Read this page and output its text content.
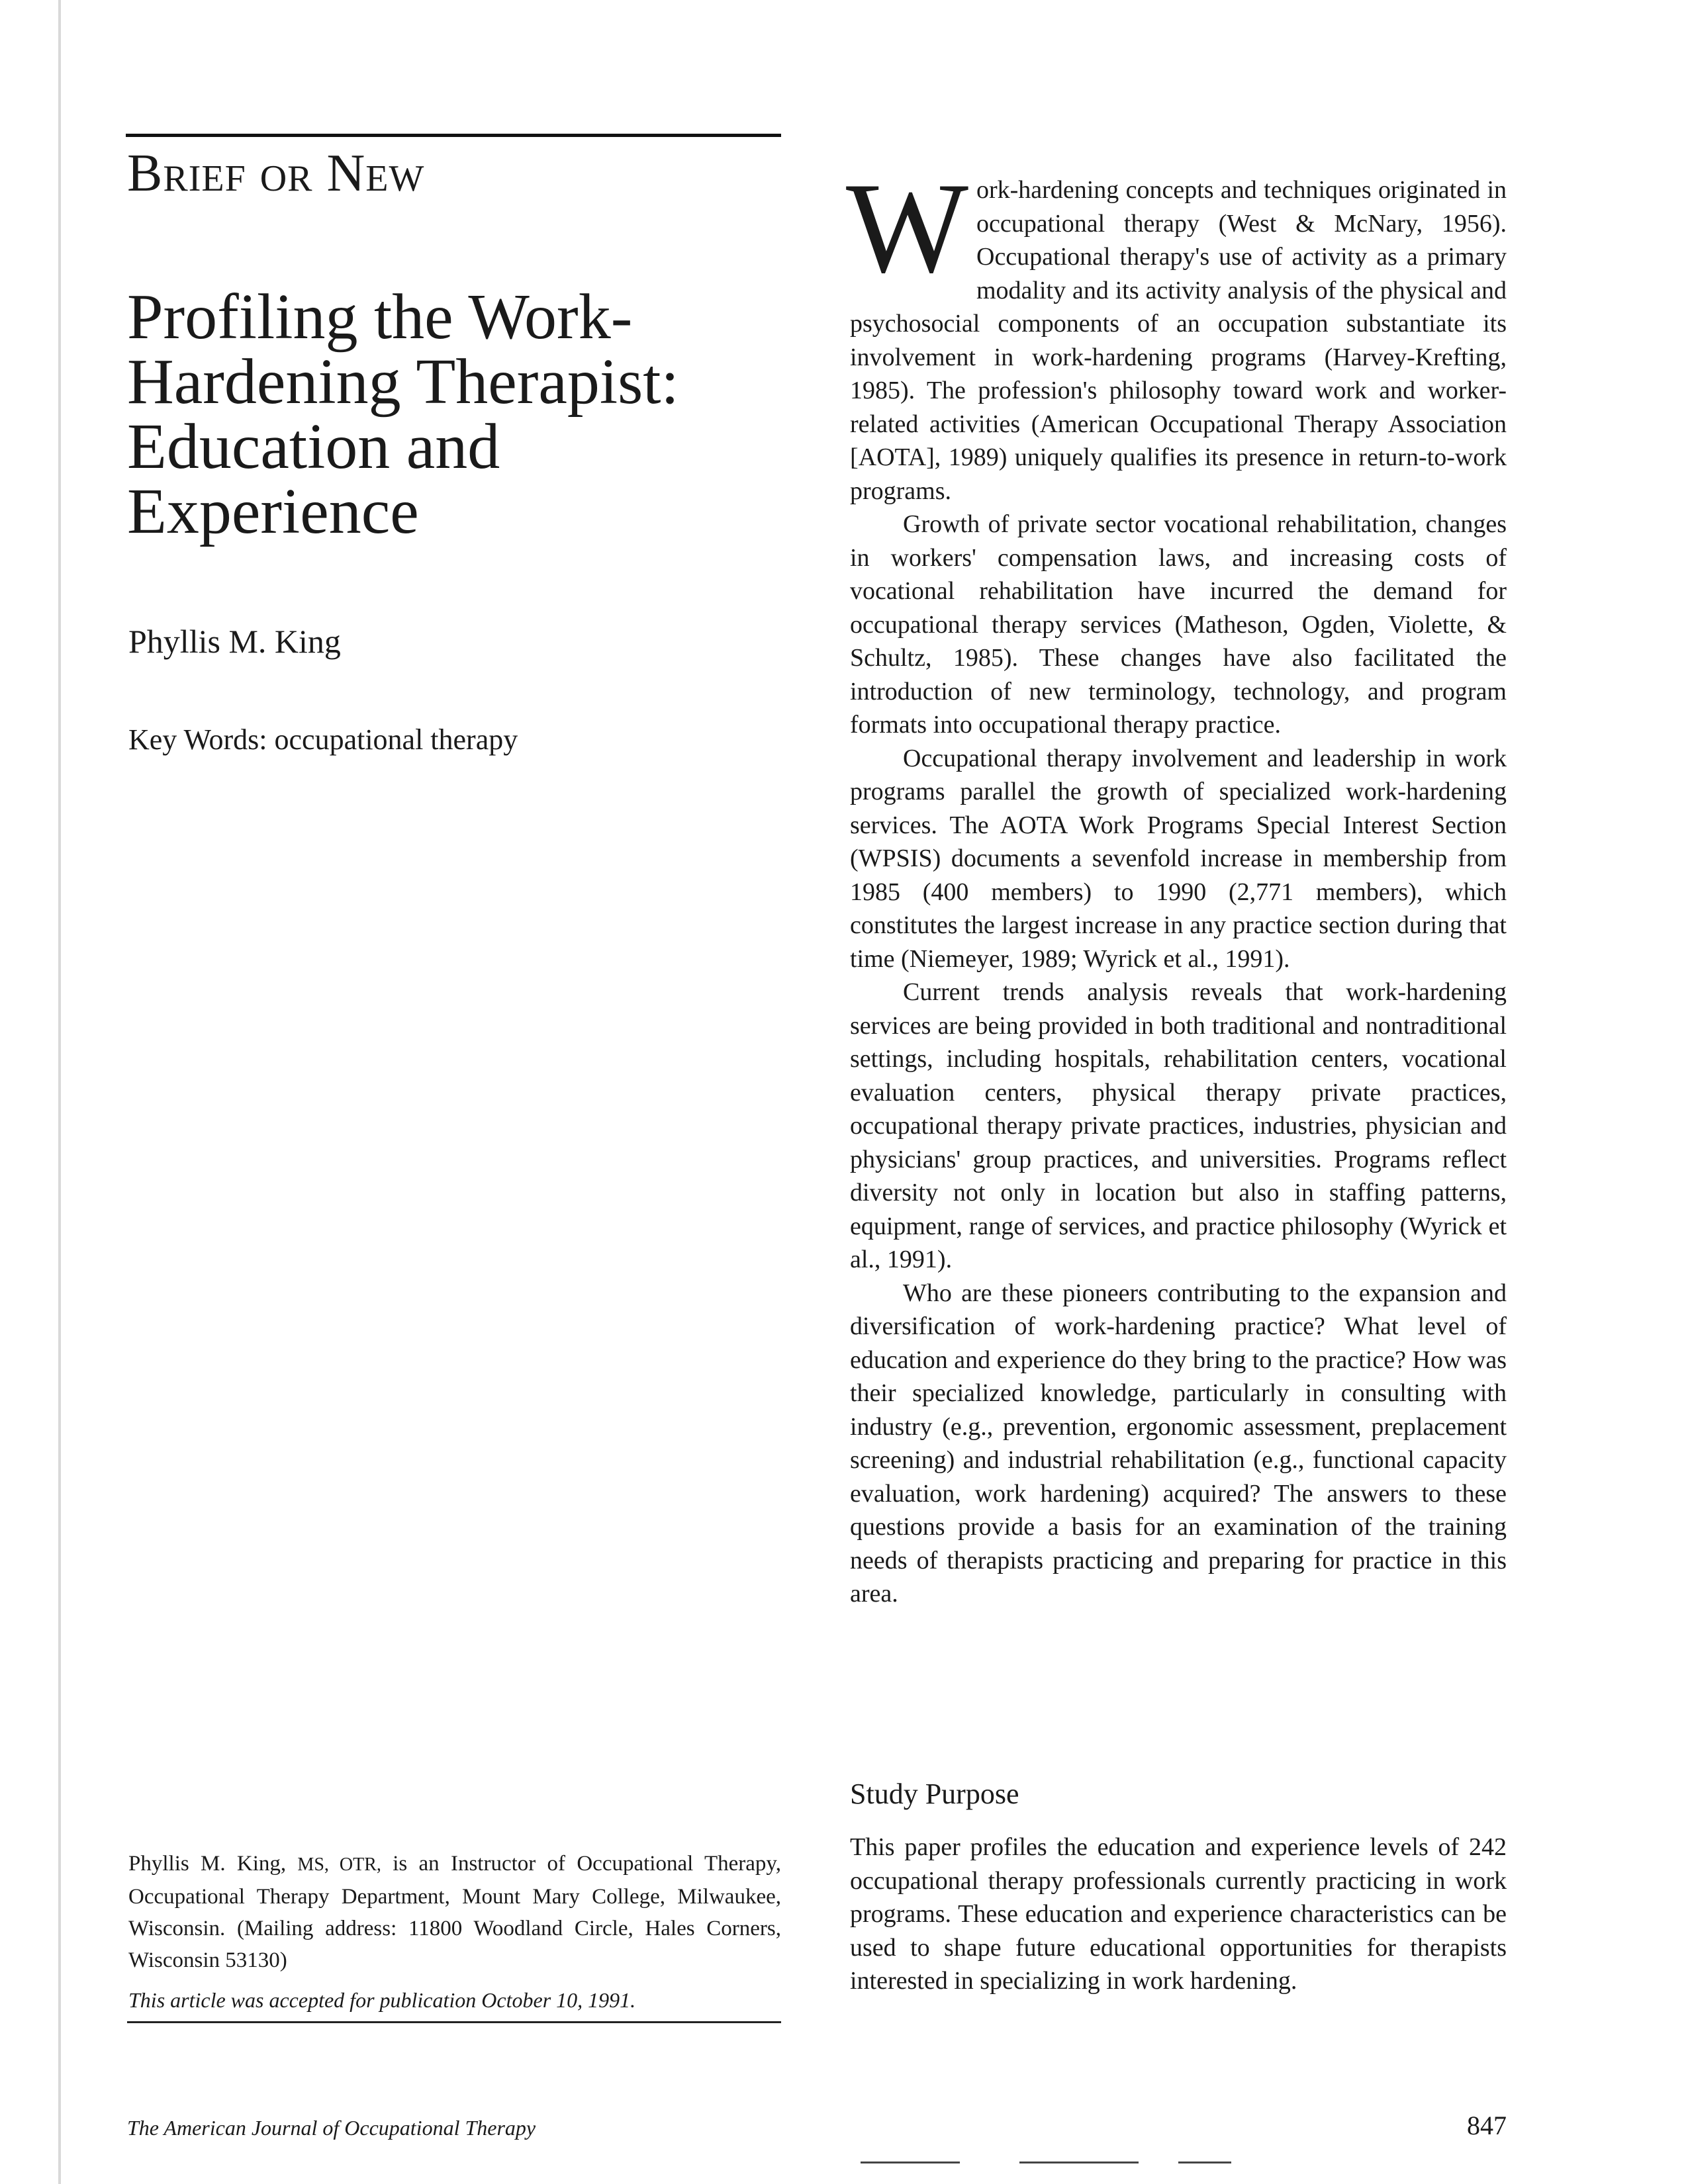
Brief or New
Profiling the Work-Hardening Therapist: Education and Experience
Phyllis M. King
Key Words: occupational therapy
Phyllis M. King, MS, OTR, is an Instructor of Occupational Therapy, Occupational Therapy Department, Mount Mary College, Milwaukee, Wisconsin. (Mailing address: 11800 Woodland Circle, Hales Corners, Wisconsin 53130)
This article was accepted for publication October 10, 1991.

Work-hardening concepts and techniques originated in occupational therapy (West & McNary, 1956). Occupational therapy's use of activity as a primary modality and its activity analysis of the physical and psychosocial components of an occupation substantiate its involvement in work-hardening programs (Harvey-Krefting, 1985). The profession's philosophy toward work and worker-related activities (American Occupational Therapy Association [AOTA], 1989) uniquely qualifies its presence in return-to-work programs.

Growth of private sector vocational rehabilitation, changes in workers' compensation laws, and increasing costs of vocational rehabilitation have incurred the demand for occupational therapy services (Matheson, Ogden, Violette, & Schultz, 1985). These changes have also facilitated the introduction of new terminology, technology, and program formats into occupational therapy practice.

Occupational therapy involvement and leadership in work programs parallel the growth of specialized work-hardening services. The AOTA Work Programs Special Interest Section (WPSIS) documents a sevenfold increase in membership from 1985 (400 members) to 1990 (2,771 members), which constitutes the largest increase in any practice section during that time (Niemeyer, 1989; Wyrick et al., 1991).

Current trends analysis reveals that work-hardening services are being provided in both traditional and nontraditional settings, including hospitals, rehabilitation centers, vocational evaluation centers, physical therapy private practices, occupational therapy private practices, industries, physician and physicians' group practices, and universities. Programs reflect diversity not only in location but also in staffing patterns, equipment, range of services, and practice philosophy (Wyrick et al., 1991).

Who are these pioneers contributing to the expansion and diversification of work-hardening practice? What level of education and experience do they bring to the practice? How was their specialized knowledge, particularly in consulting with industry (e.g., prevention, ergonomic assessment, preplacement screening) and industrial rehabilitation (e.g., functional capacity evaluation, work hardening) acquired? The answers to these questions provide a basis for an examination of the training needs of therapists practicing and preparing for practice in this area.

Study Purpose

This paper profiles the education and experience levels of 242 occupational therapy professionals currently practicing in work programs. These education and experience characteristics can be used to shape future educational opportunities for therapists interested in specializing in work hardening.

The American Journal of Occupational Therapy	847
